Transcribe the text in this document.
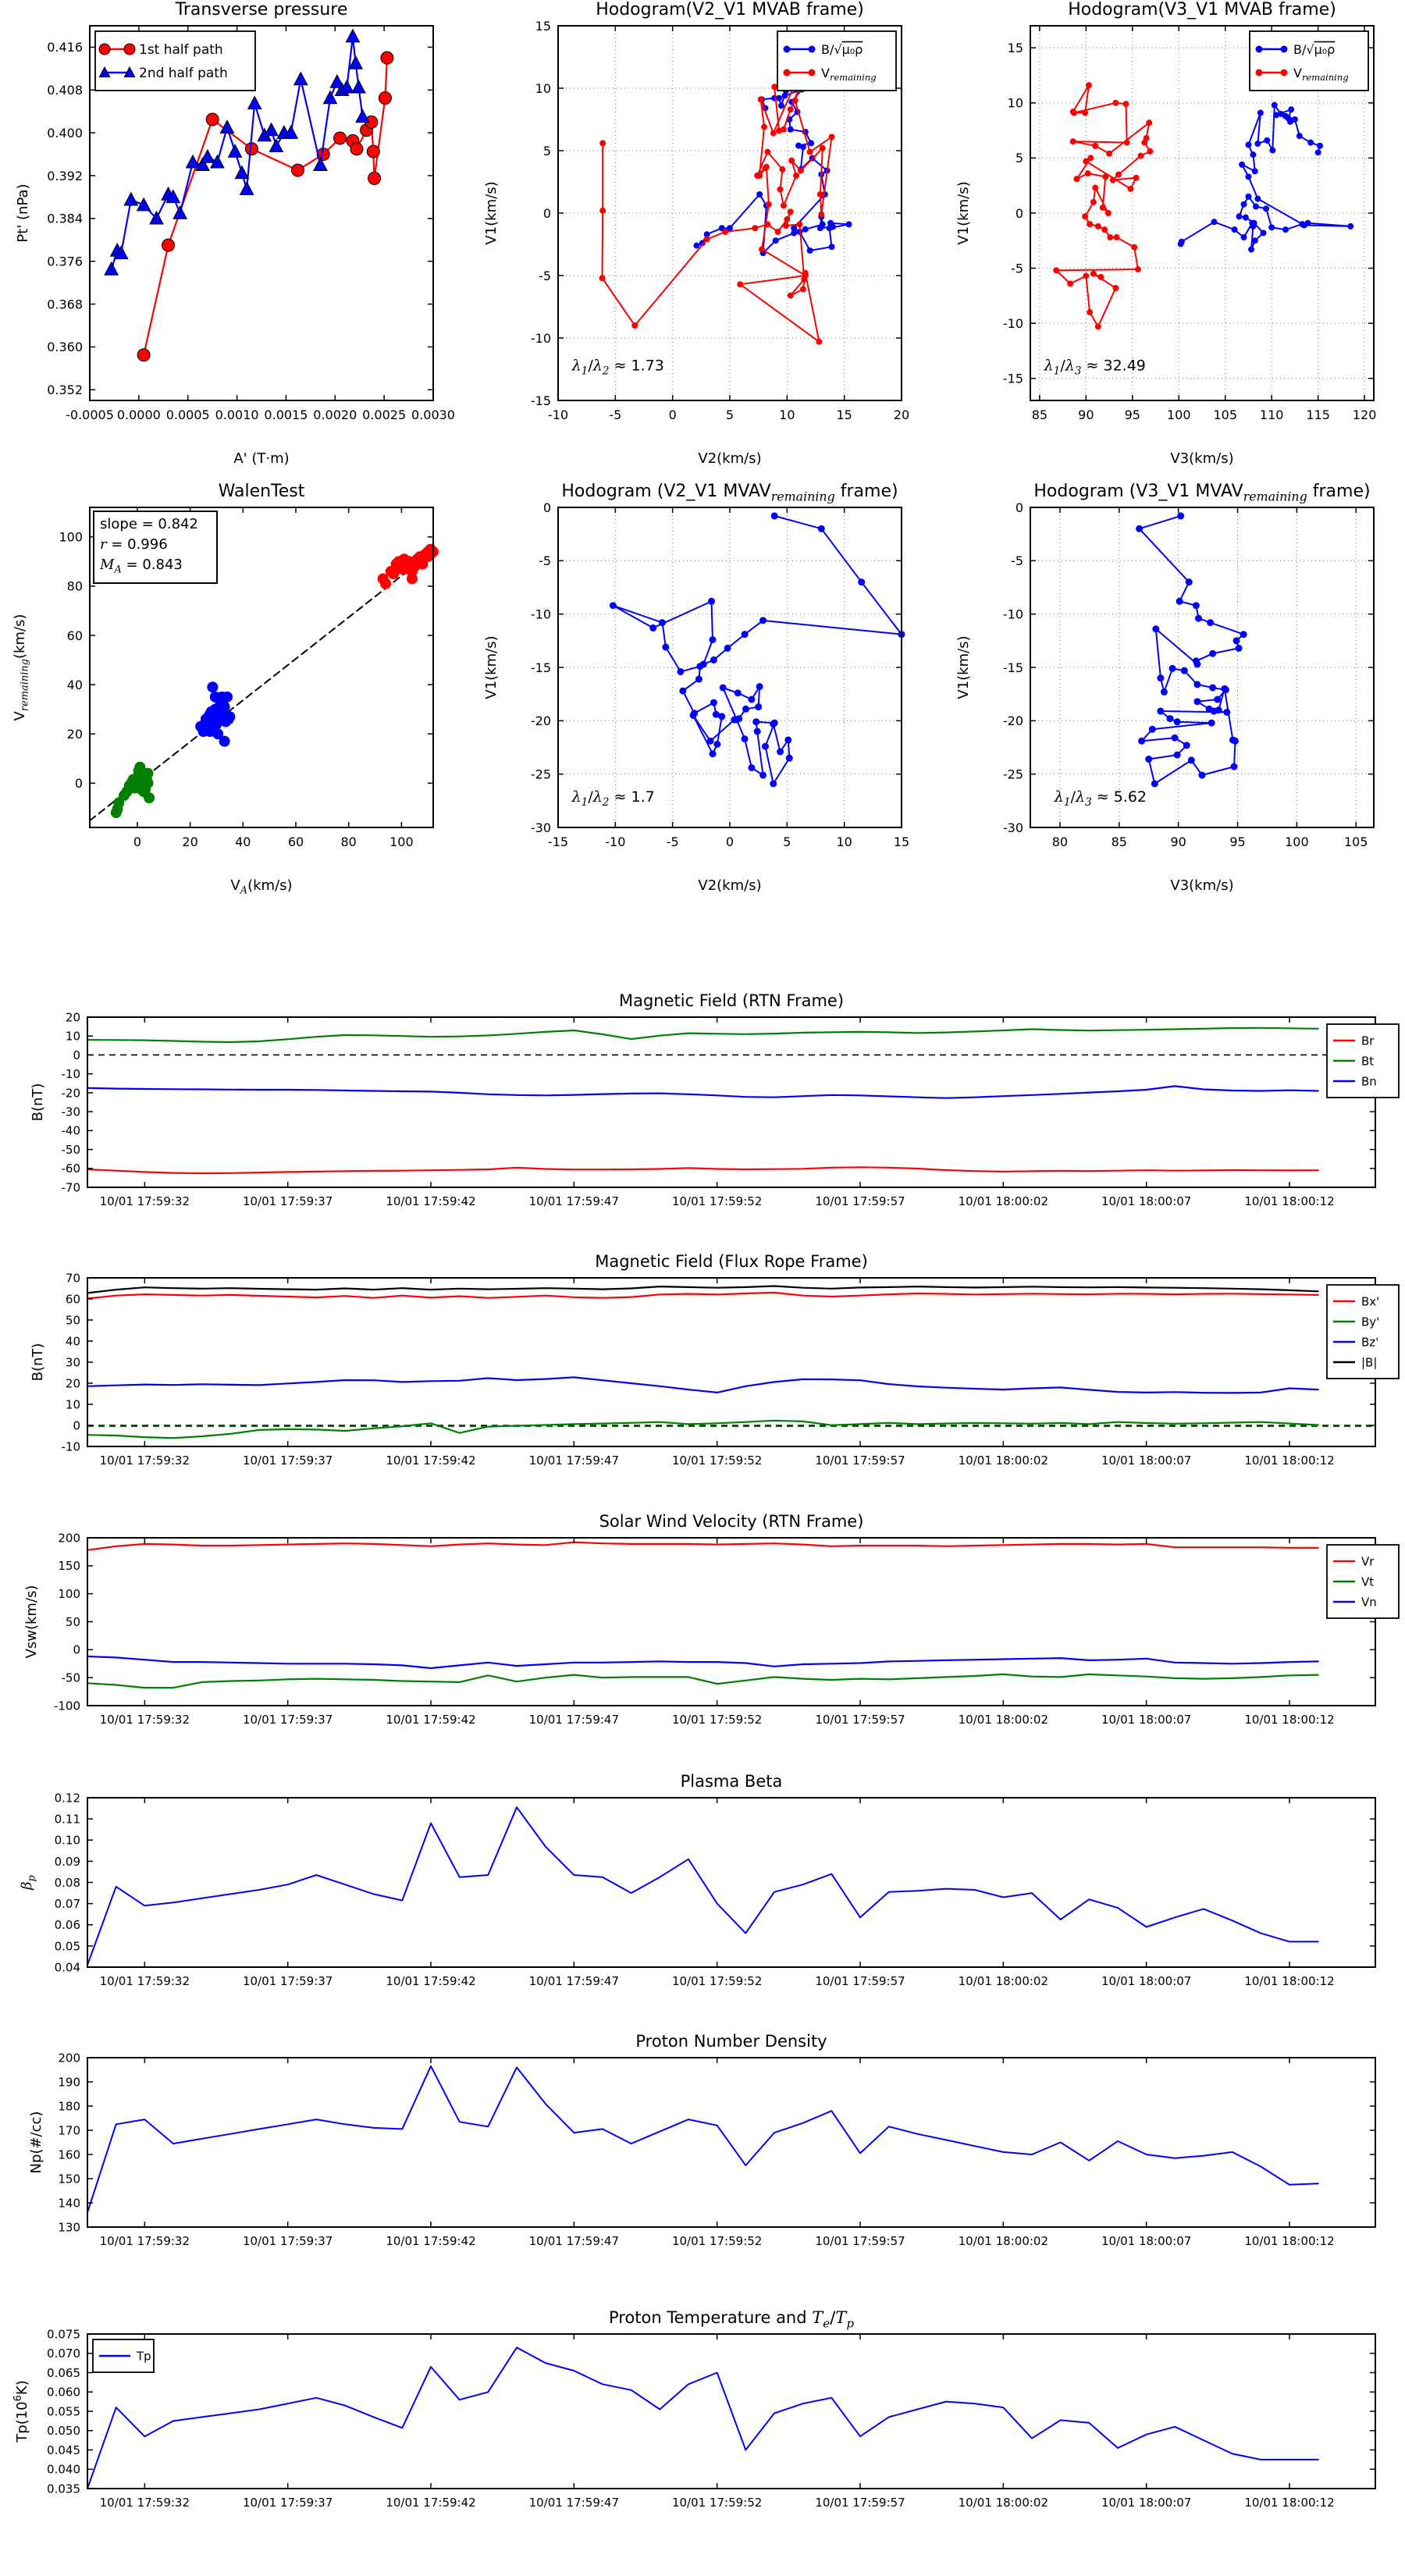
-0.0005 0.0000 0.0005 0.0010 0.0015 0.0020 0.0025 0.0030
0.352
0.360
0.368
0.376
0.384
0.392
0.400
0.408
0.416
Transverse pressure
A' (T·m)
Pt' (nPa)
1st half path
2nd half path
-10	-5	0	5	10	15	20
-15
-10
-5
0
5
10
15
Hodogram(V2_V1 MVAB frame)
V2(km/s)
V1(km/s)
$\lambda_1/\lambda_2 \approx 1.73$
B/√μ₀ρ
$V_{remaining}$
85 90 95 100 105 110 115 120
-15
-10
-5
0
5
10
15
Hodogram(V3_V1 MVAB frame)
V3(km/s)
V1(km/s)
$\lambda_1/\lambda_3 \approx 32.49$
B/√μ₀ρ
$V_{remaining}$
0	20	40	60	80	100
0
20
40
60
80
100
WalenTest
$V_A(km/s)$
$V_{remaining}(km/s)$
slope = 0.842
r = 0.996
$M_A = 0.843$
-15	-10	-5	0	5	10	15
-30
-25
-20
-15
-10
-5
0
Hodogram (V2_V1 $MVAV_{remaining}$ frame)
V2(km/s)
V1(km/s)
$\lambda_1/\lambda_2 \approx 1.7$
80	85	90	95	100	105
-30
-25
-20
-15
-10
-5
0
Hodogram (V3_V1 $MVAV_{remaining}$ frame)
V3(km/s)
V1(km/s)
$\lambda_1/\lambda_3 \approx 5.62$
10/01 17:59:32	10/01 17:59:37	10/01 17:59:42	10/01 17:59:47	10/01 17:59:52	10/01 17:59:57	10/01 18:00:02	10/01 18:00:07	10/01 18:00:12
-70
-60
-50
-40
-30
-20
-10
0
10
20
Magnetic Field (RTN Frame)
B(nT)
Br
Bt
Bn
10/01 17:59:32	10/01 17:59:37	10/01 17:59:42	10/01 17:59:47	10/01 17:59:52	10/01 17:59:57	10/01 18:00:02	10/01 18:00:07	10/01 18:00:12
-10
0
10
20
30
40
50
60
70
Magnetic Field (Flux Rope Frame)
B(nT)
Bx'
By'
Bz'
|B|
10/01 17:59:32	10/01 17:59:37	10/01 17:59:42	10/01 17:59:47	10/01 17:59:52	10/01 17:59:57	10/01 18:00:02	10/01 18:00:07	10/01 18:00:12
-100
-50
0
50
100
150
200
Solar Wind Velocity (RTN Frame)
Vsw(km/s)
Vr
Vt
Vn
10/01 17:59:32	10/01 17:59:37	10/01 17:59:42	10/01 17:59:47	10/01 17:59:52	10/01 17:59:57	10/01 18:00:02	10/01 18:00:07	10/01 18:00:12
0.04
0.05
0.06
0.07
0.08
0.09
0.10
0.11
0.12
Plasma Beta
$\beta_p$
10/01 17:59:32	10/01 17:59:37	10/01 17:59:42	10/01 17:59:47	10/01 17:59:52	10/01 17:59:57	10/01 18:00:02	10/01 18:00:07	10/01 18:00:12
130
140
150
160
170
180
190
200
Proton Number Density
Np(#/cc)
10/01 17:59:32	10/01 17:59:37	10/01 17:59:42	10/01 17:59:47	10/01 17:59:52	10/01 17:59:57	10/01 18:00:02	10/01 18:00:07	10/01 18:00:12
0.035
0.040
0.045
0.050
0.055
0.060
0.065
0.070
0.075
Proton Temperature and $T_e/T_p$
$Tp(10^6K)$
Tp
